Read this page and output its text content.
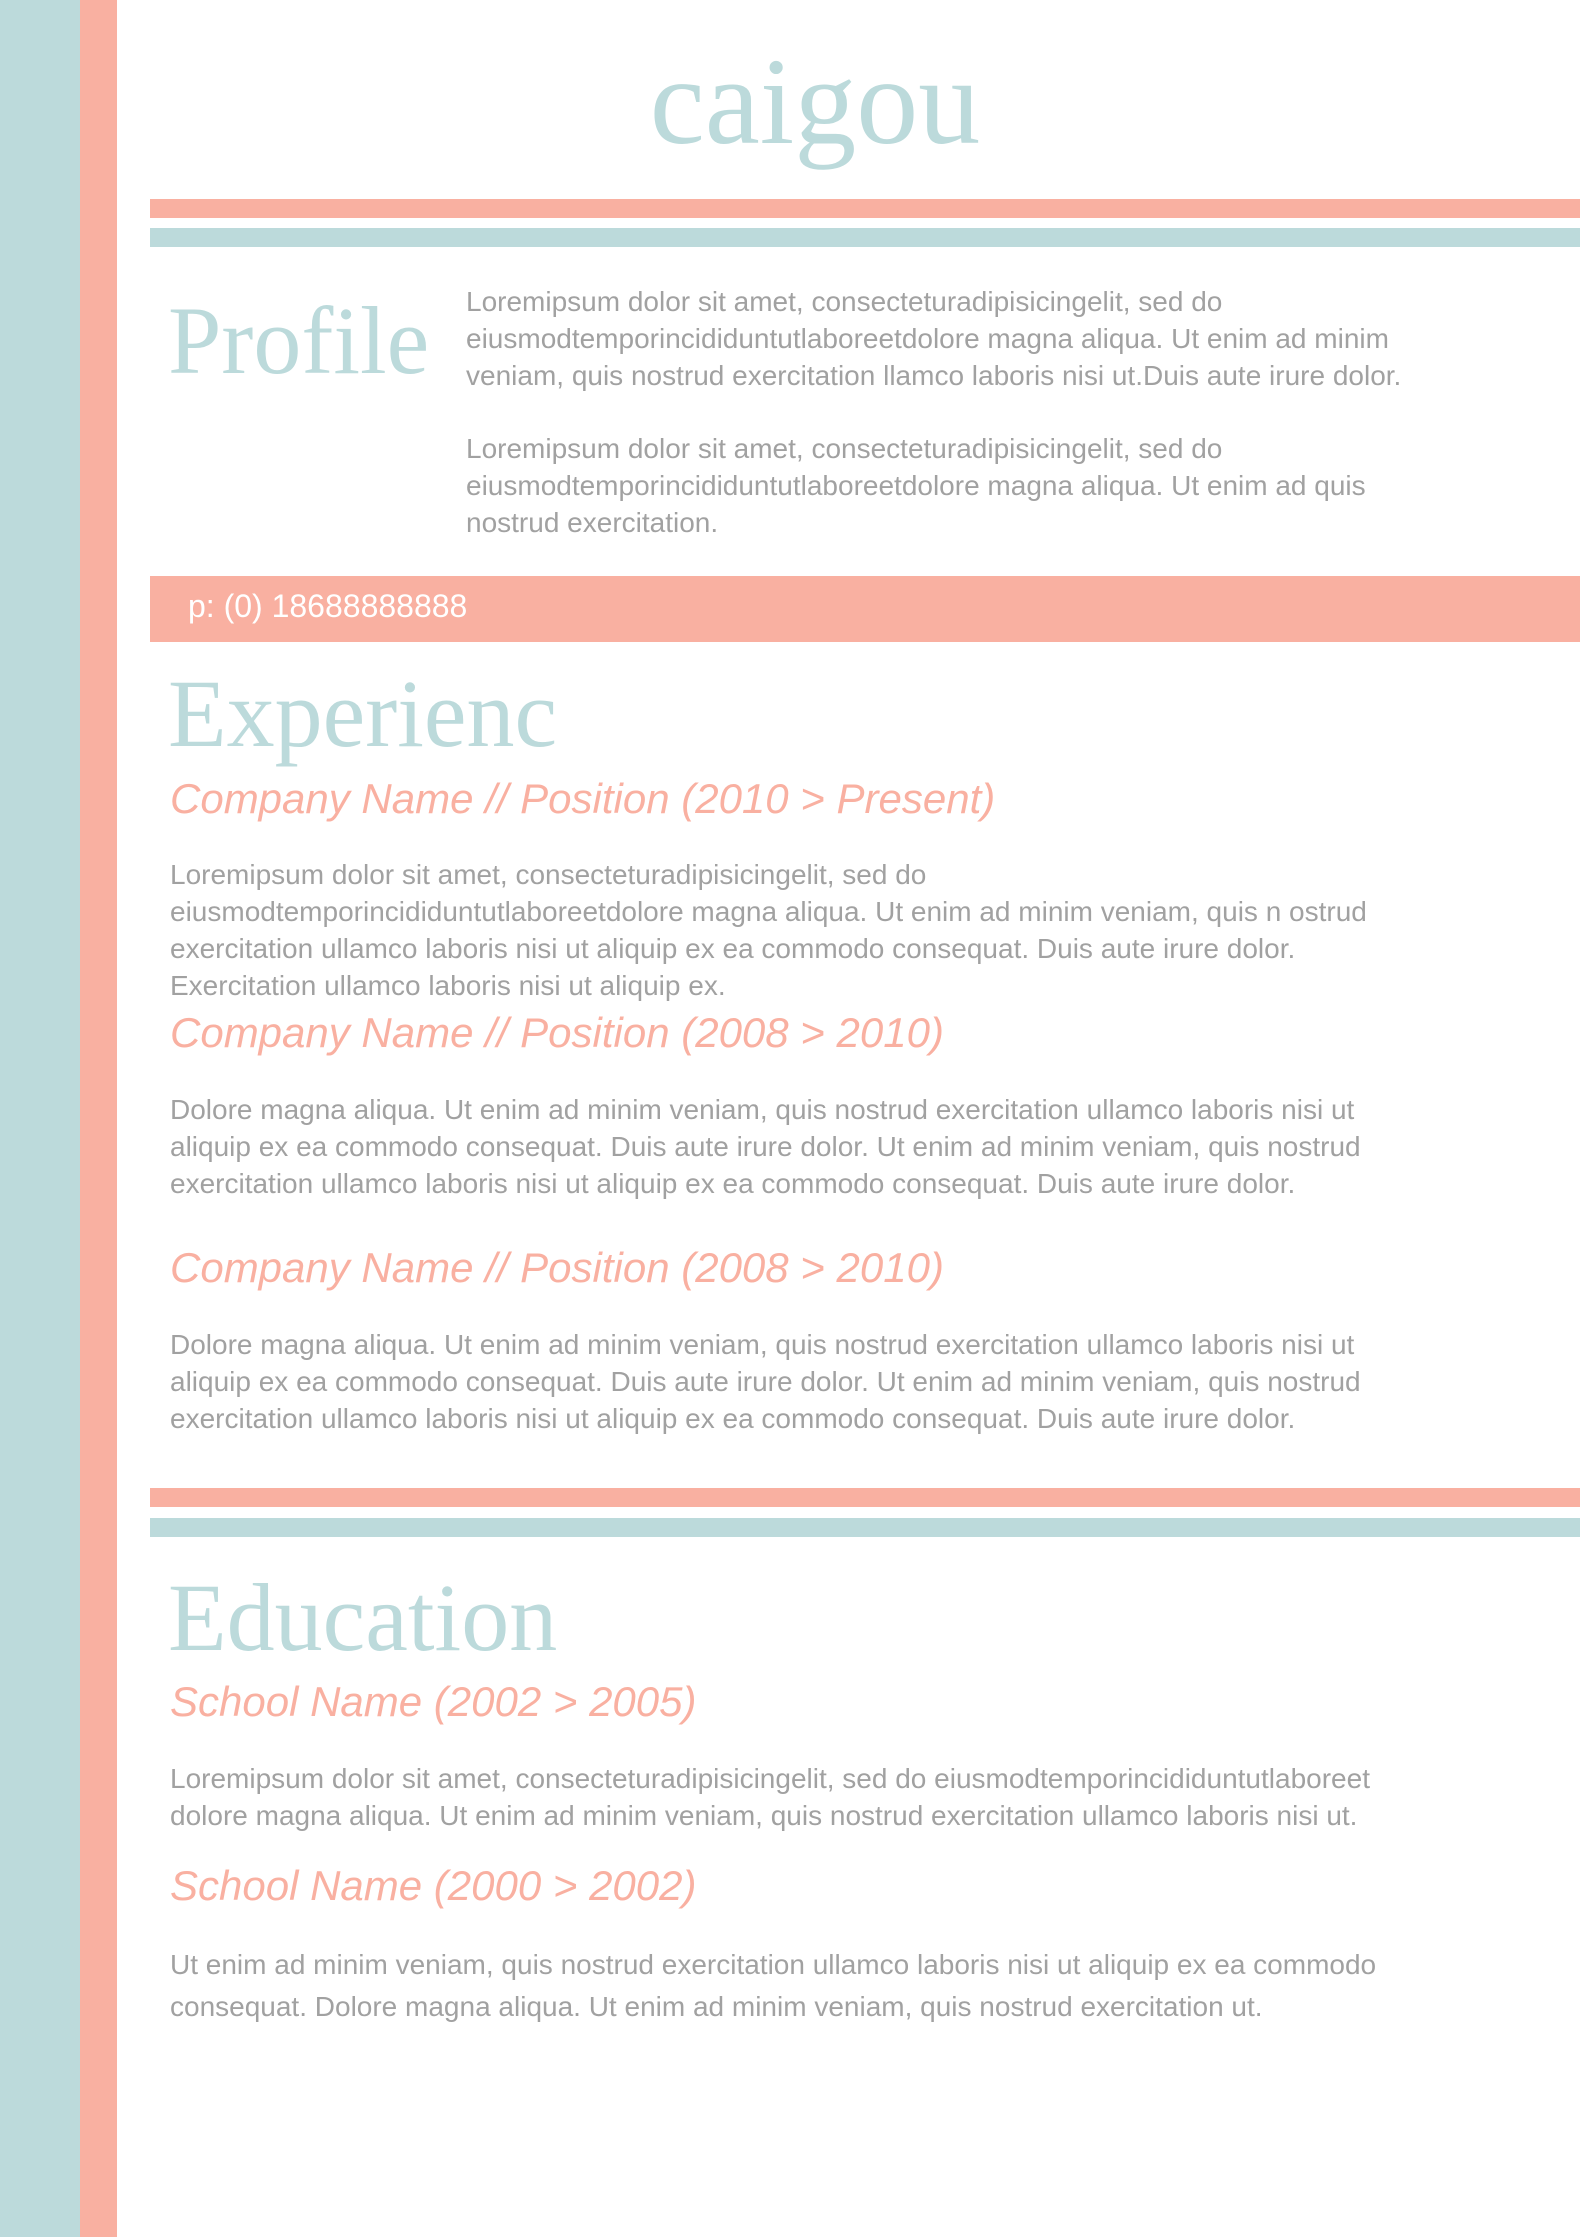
caigou
Profile Loremipsum dolor sit amet, consecteturadipisicingelit, sed do
eiusmodtemporincididuntutlaboreetdolore magna aliqua. Ut enim ad minim
veniam, quis nostrud exercitation llamco laboris nisi ut.Duis aute irure dolor.
Loremipsum dolor sit amet, consecteturadipisicingelit, sed do
eiusmodtemporincididuntutlaboreetdolore magna aliqua. Ut enim ad quis
nostrud exercitation.
p: (0) 18688888888
Experienc
Company Name // Position (2010 > Present)
Loremipsum dolor sit amet, consecteturadipisicingelit, sed do
eiusmodtemporincididuntutlaboreetdolore magna aliqua. Ut enim ad minim veniam, quis n ostrud
exercitation ullamco laboris nisi ut aliquip ex ea commodo consequat. Duis aute irure dolor.
Exercitation ullamco laboris nisi ut aliquip ex.
Company Name // Position (2008 > 2010)
Dolore magna aliqua. Ut enim ad minim veniam, quis nostrud exercitation ullamco laboris nisi ut
aliquip ex ea commodo consequat. Duis aute irure dolor. Ut enim ad minim veniam, quis nostrud
exercitation ullamco laboris nisi ut aliquip ex ea commodo consequat. Duis aute irure dolor.
Company Name // Position (2008 > 2010)
Dolore magna aliqua. Ut enim ad minim veniam, quis nostrud exercitation ullamco laboris nisi ut
aliquip ex ea commodo consequat. Duis aute irure dolor. Ut enim ad minim veniam, quis nostrud
exercitation ullamco laboris nisi ut aliquip ex ea commodo consequat. Duis aute irure dolor.
Education
School Name (2002 > 2005)
Loremipsum dolor sit amet, consecteturadipisicingelit, sed do eiusmodtemporincididuntutlaboreet
dolore magna aliqua. Ut enim ad minim veniam, quis nostrud exercitation ullamco laboris nisi ut.
School Name (2000 > 2002)
Ut enim ad minim veniam, quis nostrud exercitation ullamco laboris nisi ut aliquip ex ea commodo
consequat. Dolore magna aliqua. Ut enim ad minim veniam, quis nostrud exercitation ut.
